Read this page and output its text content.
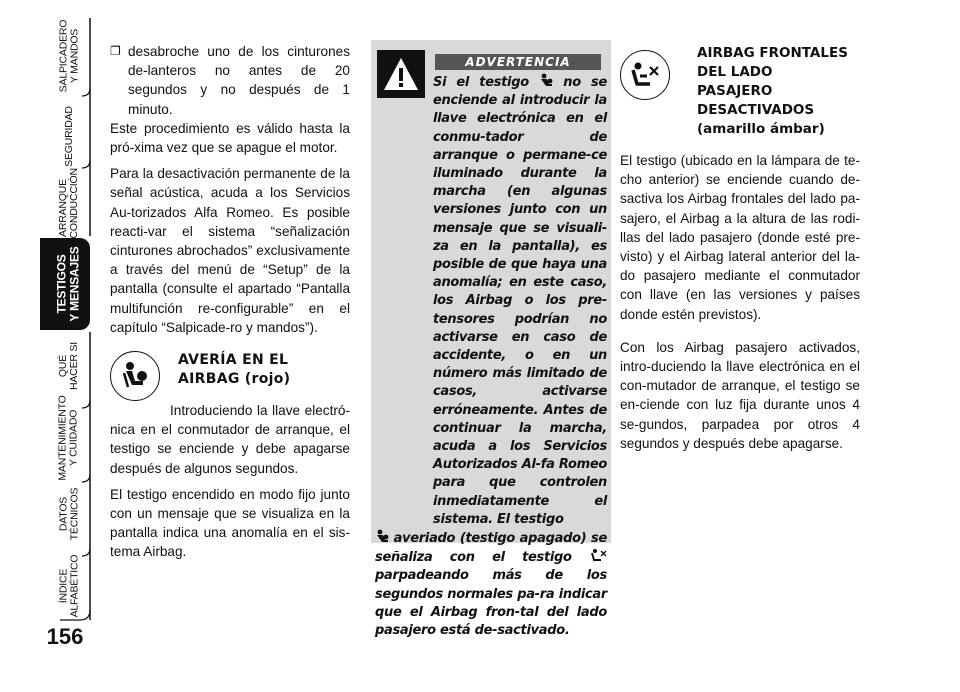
SALPICADERO
Y MANDOS
SEGURIDAD
ARRANQUE
Y CONDUCCIÓN
TESTIGOS
Y MENSAJES
QUÉ
HACER SI
MANTENIMIENTO
Y CUIDADO
DATOS
TÉCNICOS
ÍNDICE
ALFABÉTICO
156
❐ desabroche uno de los cinturones de-lanteros no antes de 20 segundos y no después de 1 minuto.

Este procedimiento es válido hasta la pró-xima vez que se apague el motor.

Para la desactivación permanente de la señal acústica, acuda a los Servicios Au-torizados Alfa Romeo. Es posible reacti-var el sistema “señalización cinturones abrochados” exclusivamente a través del menú de “Setup” de la pantalla (consulte el apartado “Pantalla multifunción re-configurable” en el capítulo “Salpicade-ro y mandos”).

AVERÍA EN EL
AIRBAG (rojo)

Introduciendo la llave electró-nica en el conmutador de arranque, el testigo se enciende y debe apagarse después de algunos segundos.

El testigo encendido en modo fijo junto con un mensaje que se visualiza en la pantalla indica una anomalía en el sis-tema Airbag.

ADVERTENCIA
Si el testigo	no se enciende al introducir la llave electrónica en el conmu-tador de arranque o permane-ce iluminado durante la marcha (en algunas versiones junto con un mensaje que se visuali-za en la pantalla), es posible de que haya una anomalía; en este caso, los Airbag o los pre-tensores podrían no activarse en caso de accidente, o en un número más limitado de casos, activarse erróneamente. Antes de continuar la marcha, acuda a los Servicios Autorizados Al-fa Romeo para que controlen inmediatamente el sistema. El testigo
averiado (testigo apagado) se señaliza con el testigo  parpadeando más de los segundos normales pa-ra indicar que el Airbag fron-tal del lado pasajero está de-sactivado.
AIRBAG FRONTALES
DEL LADO
PASAJERO
DESACTIVADOS
(amarillo ámbar)

El testigo (ubicado en la lámpara de te-cho anterior) se enciende cuando de-sactiva los Airbag frontales del lado pa-sajero, el Airbag a la altura de las rodi-llas del lado pasajero (donde esté pre-visto) y el Airbag lateral anterior del la-do pasajero mediante el conmutador con llave (en las versiones y países donde estén previstos).

Con los Airbag pasajero activados, intro-duciendo la llave electrónica en el con-mutador de arranque, el testigo se en-ciende con luz fija durante unos 4 se-gundos, parpadea por otros 4 segundos y después debe apagarse.
